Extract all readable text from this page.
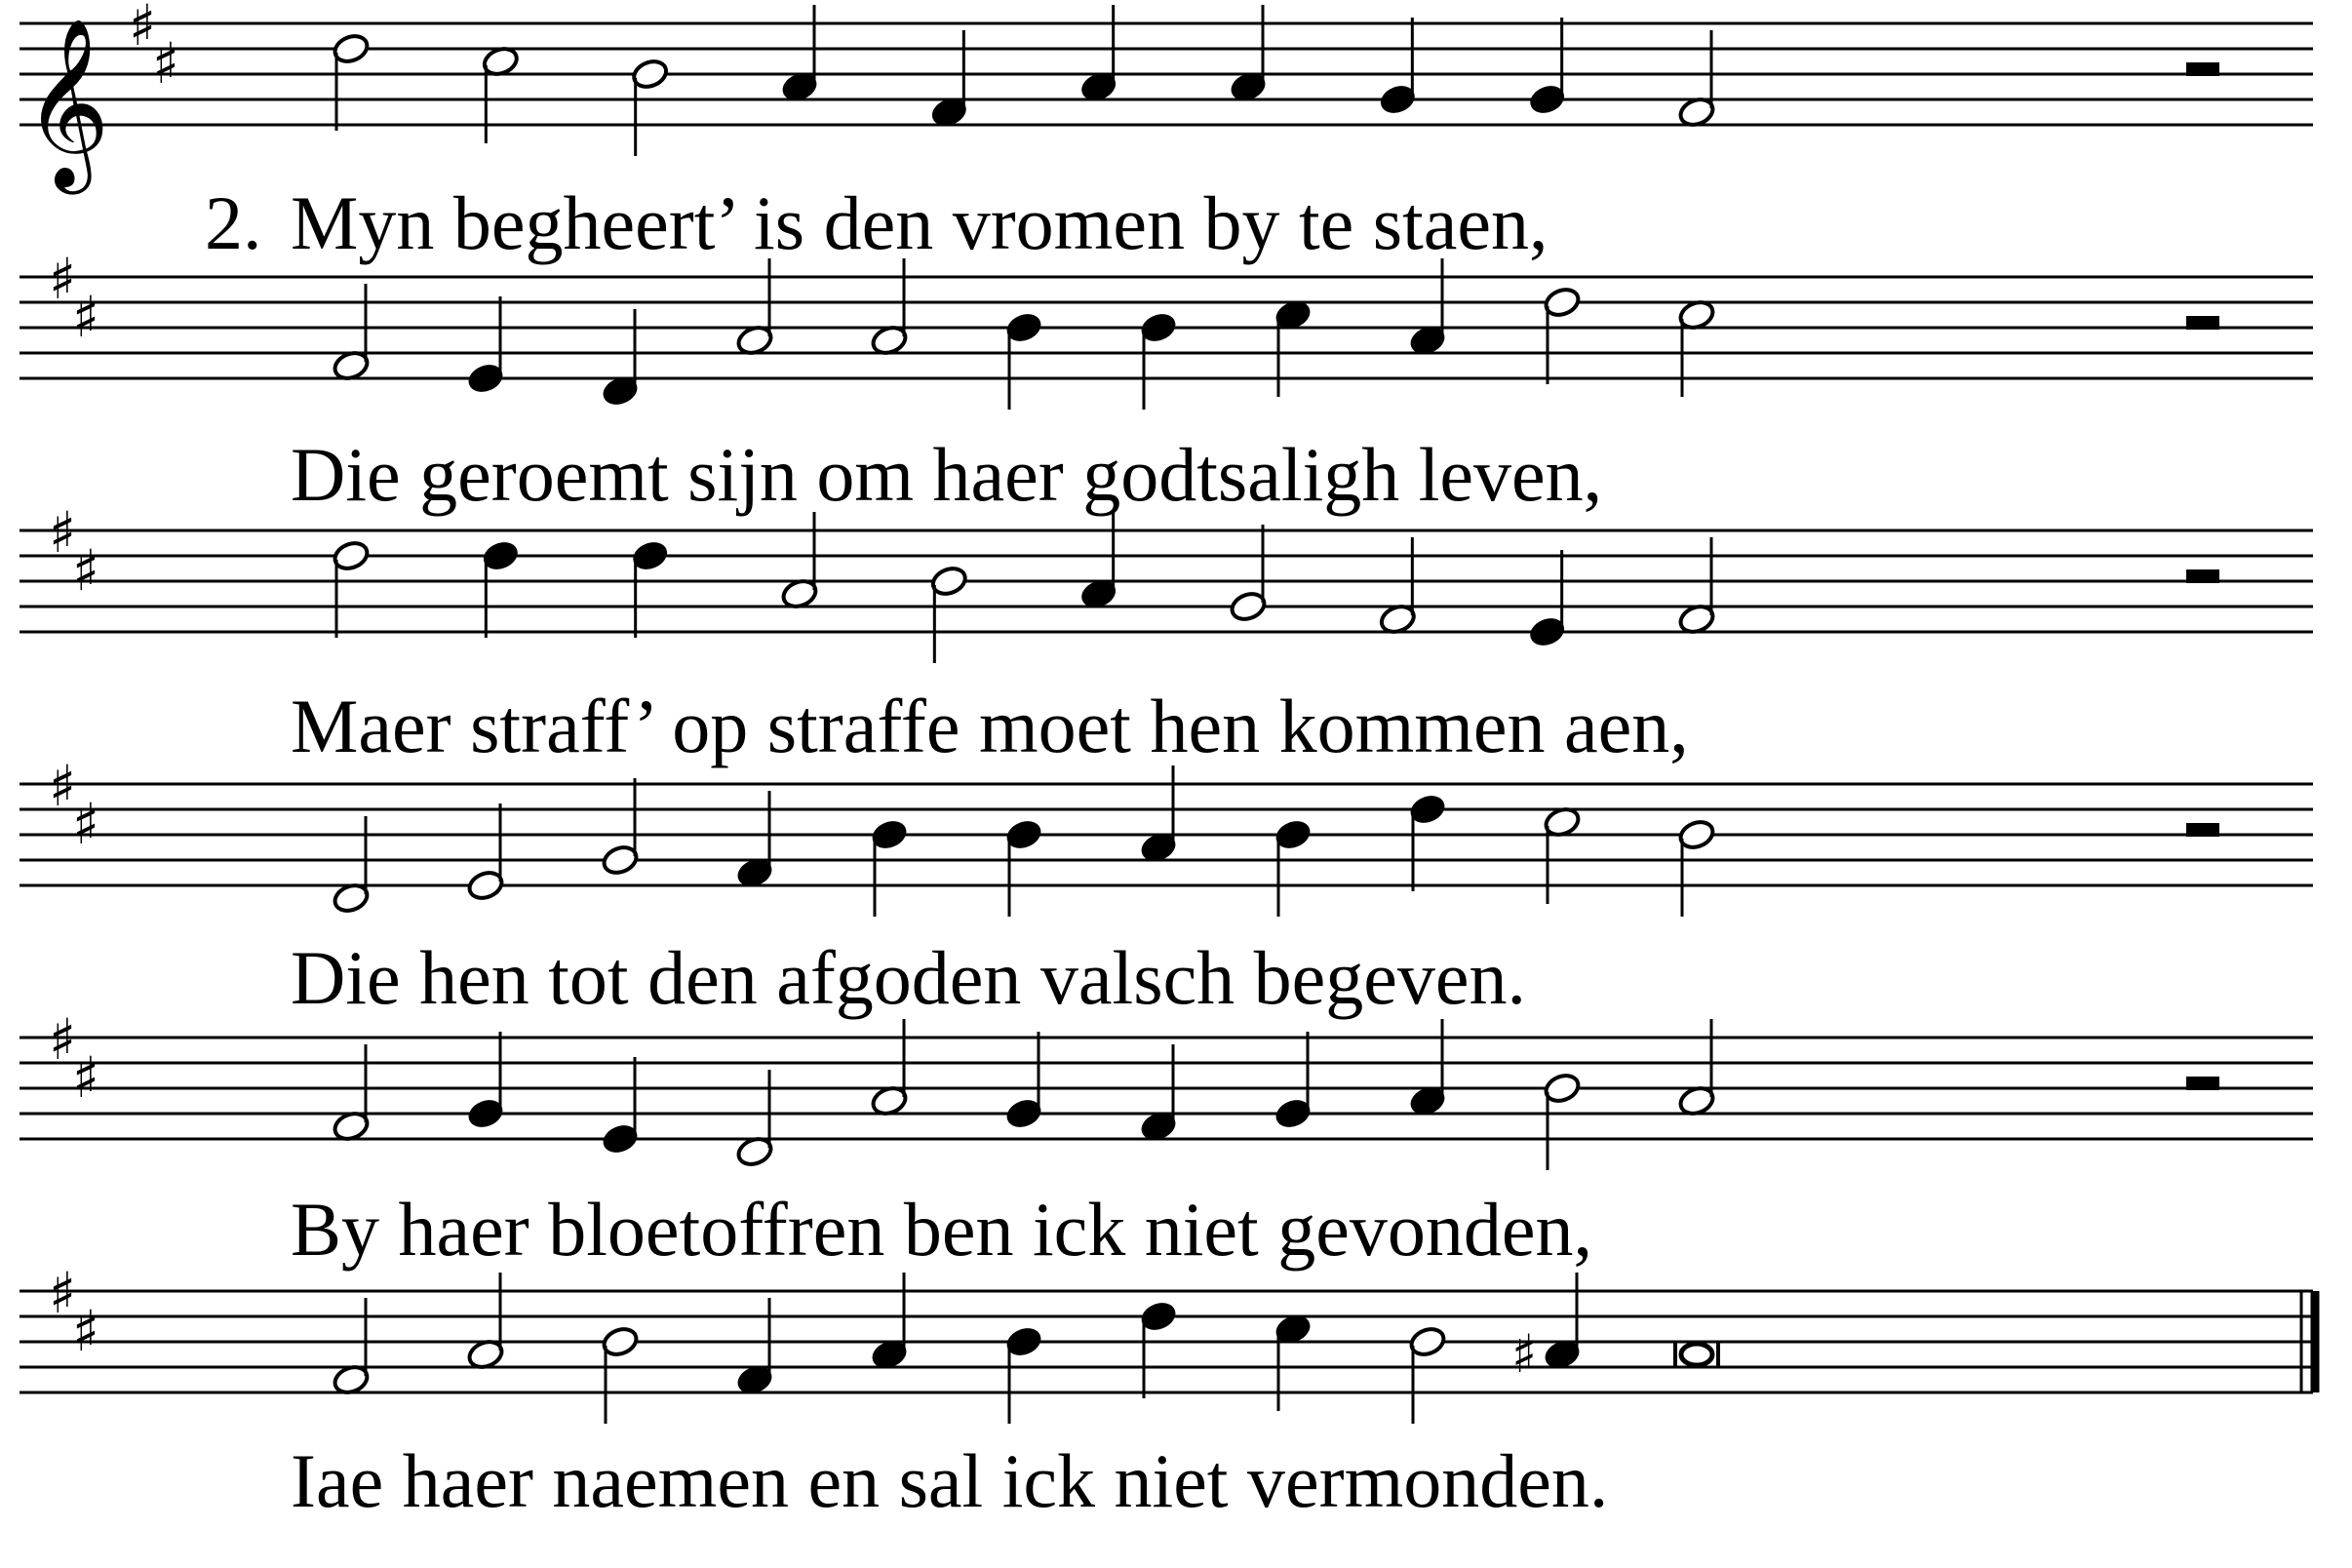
𝄞 ♯
♯
♯
♯
♯
♯
♯
♯
♯
♯
♯
♯	♯
2. Myn begheert’ is den vromen by te staen,
Die geroemt sijn om haer godtsaligh leven,
Maer straff’ op straffe moet hen kommen aen,
Die hen tot den afgoden valsch begeven.
By haer bloetoffren ben ick niet gevonden,
Iae haer naemen en sal ick niet vermonden.
